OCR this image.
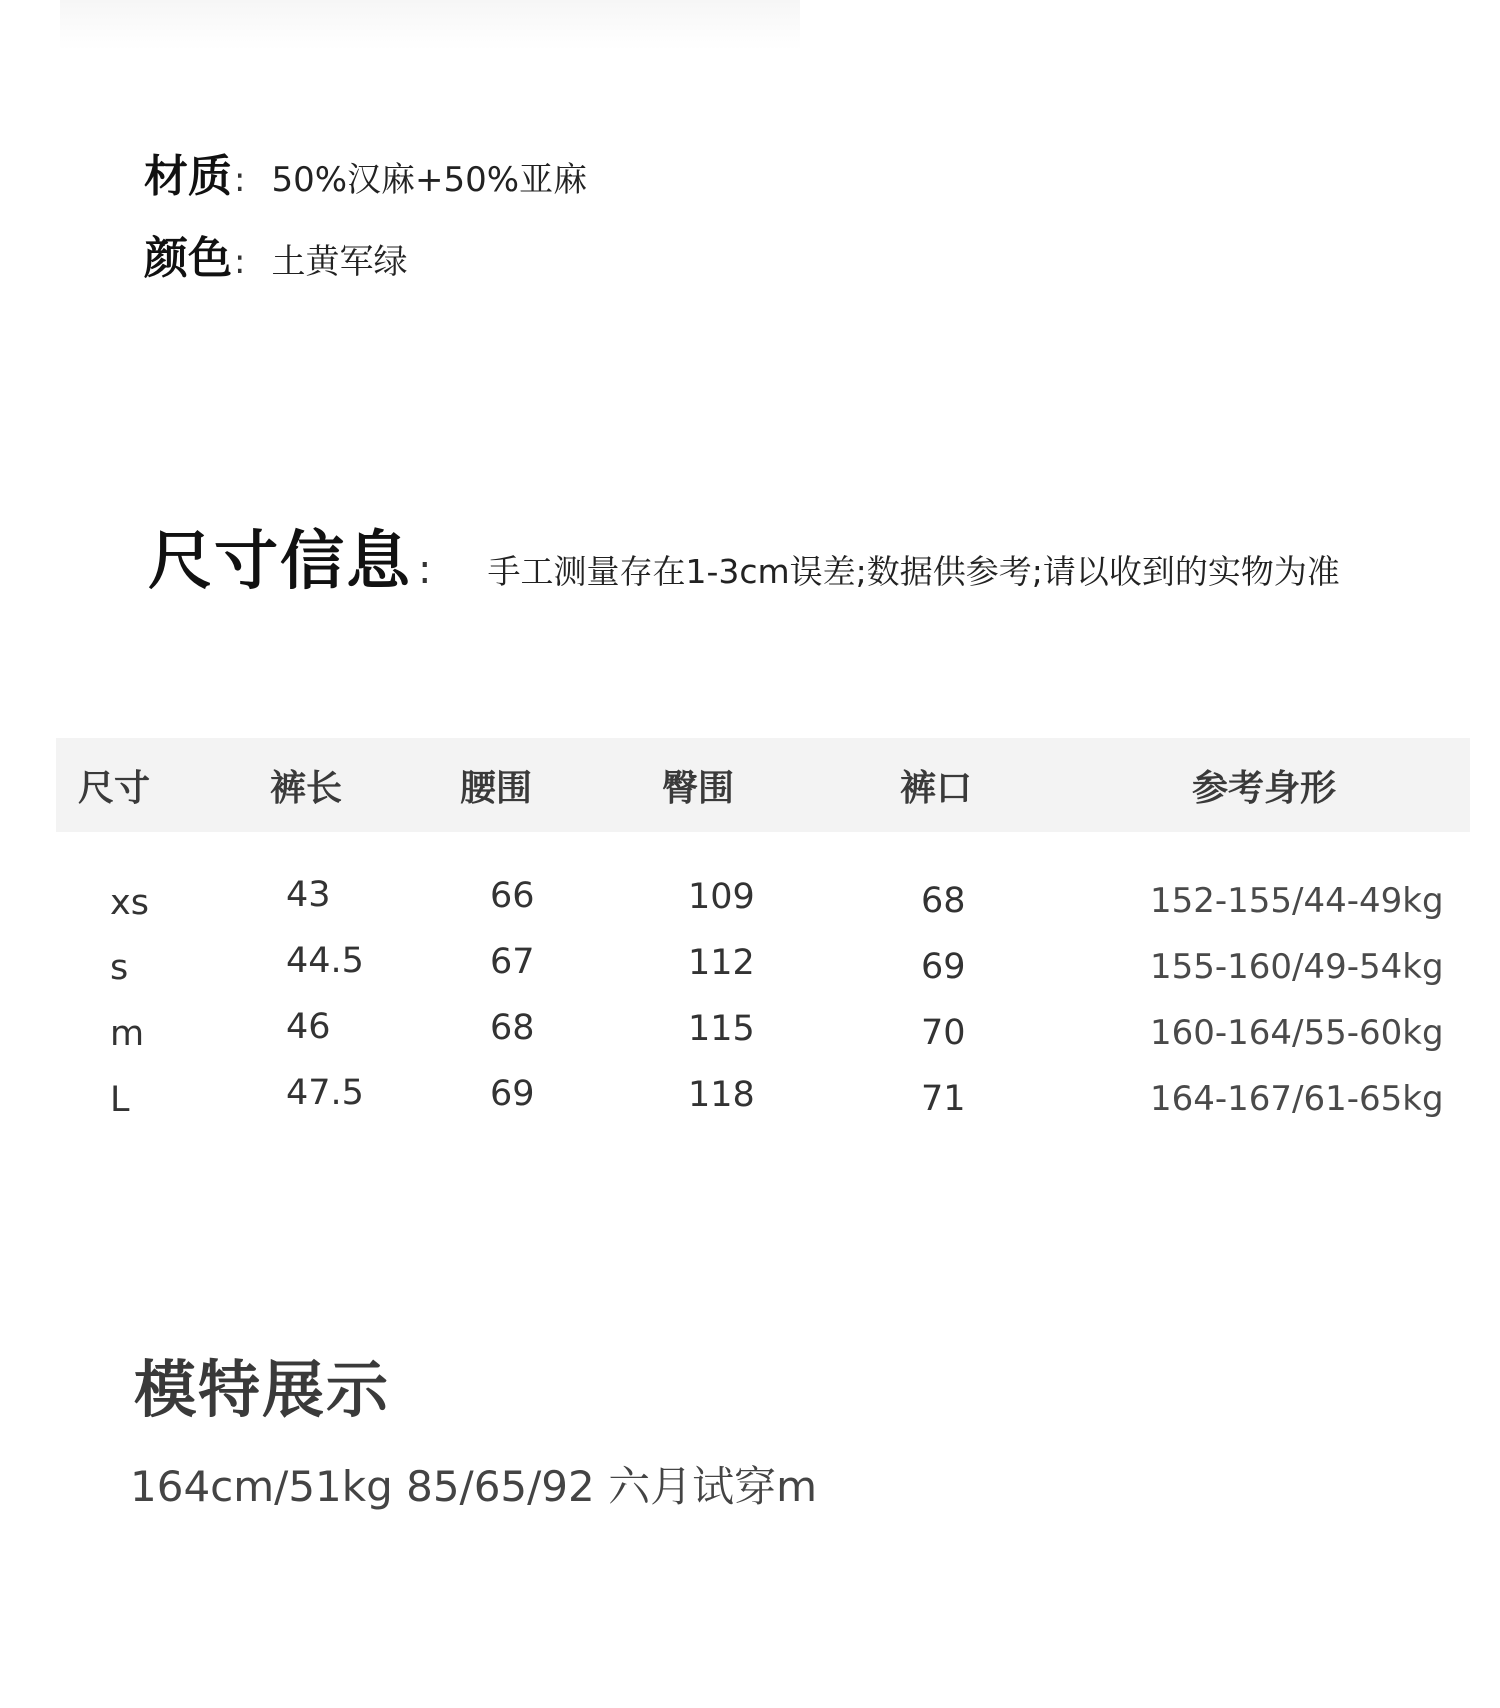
材质 : 50%汉麻+50%亚麻
颜色 : 土黄军绿
尺寸信息 : 手工测量存在1-3cm误差;数据供参考;请以收到的实物为准
尺寸	裤长	腰围	臀围	裤口	参考身形
xs	43	66	109	68	152-155/44-49kg
s	44.5	67	112	69	155-160/49-54kg
m	46	68	115	70	160-164/55-60kg
L	47.5	69	118	71	164-167/61-65kg
模特展示
164cm/51kg 85/65/92 六月试穿m
